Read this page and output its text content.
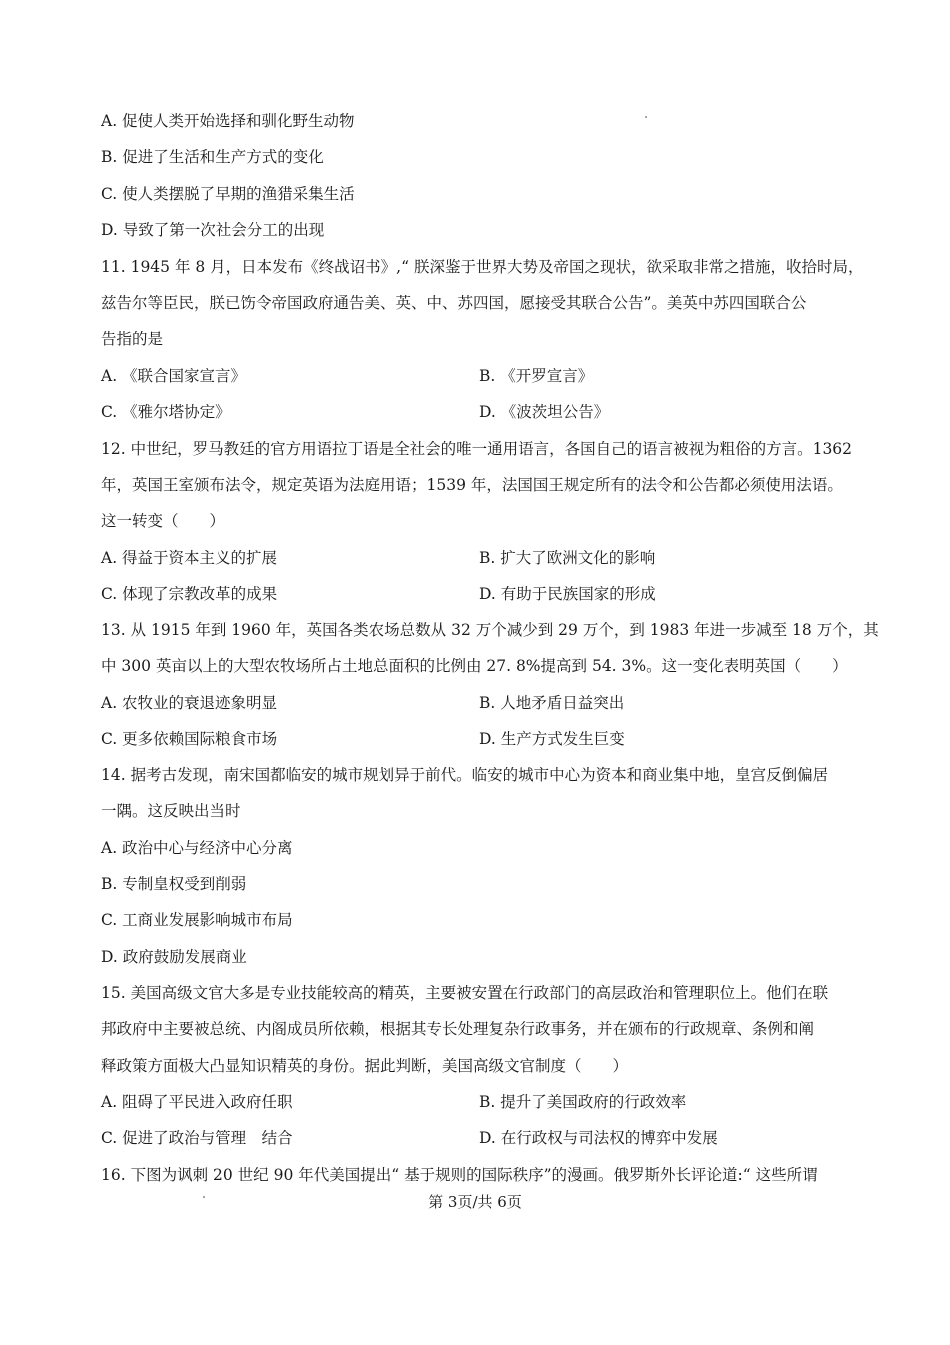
A. 促使人类开始选择和驯化野生动物
B. 促进了生活和生产方式的变化
C. 使人类摆脱了早期的渔猎采集生活
D. 导致了第一次社会分工的出现
11. 1945 年 8 月，日本发布《终战诏书》,“ 朕深鉴于世界大势及帝国之现状，欲采取非常之措施，收拾时局，
兹告尔等臣民，朕已饬令帝国政府通告美、英、中、苏四国，愿接受其联合公告”。美英中苏四国联合公
告指的是
A. 《联合国家宣言》	B. 《开罗宣言》
C. 《雅尔塔协定》	D. 《波茨坦公告》
12. 中世纪，罗马教廷的官方用语拉丁语是全社会的唯一通用语言，各国自己的语言被视为粗俗的方言。1362
年，英国王室颁布法令，规定英语为法庭用语；1539 年，法国国王规定所有的法令和公告都必须使用法语。
这一转变（　　）
A. 得益于资本主义的扩展	B. 扩大了欧洲文化的影响
C. 体现了宗教改革的成果	D. 有助于民族国家的形成
13. 从 1915 年到 1960 年，英国各类农场总数从 32 万个减少到 29 万个，到 1983 年进一步减至 18 万个，其
中 300 英亩以上的大型农牧场所占土地总面积的比例由 27. 8%提高到 54. 3%。这一变化表明英国（　　）
A. 农牧业的衰退迹象明显	B. 人地矛盾日益突出
C. 更多依赖国际粮食市场	D. 生产方式发生巨变
14. 据考古发现，南宋国都临安的城市规划异于前代。临安的城市中心为资本和商业集中地，皇宫反倒偏居
一隅。这反映出当时
A. 政治中心与经济中心分离
B. 专制皇权受到削弱
C. 工商业发展影响城市布局
D. 政府鼓励发展商业
15. 美国高级文官大多是专业技能较高的精英，主要被安置在行政部门的高层政治和管理职位上。他们在联
邦政府中主要被总统、内阁成员所依赖，根据其专长处理复杂行政事务，并在颁布的行政规章、条例和阐
释政策方面极大凸显知识精英的身份。据此判断，美国高级文官制度（　　）
A. 阻碍了平民进入政府任职	B. 提升了美国政府的行政效率
C. 促进了政治与管理　结合	D. 在行政权与司法权的博弈中发展
16. 下图为讽刺 20 世纪 90 年代美国提出“ 基于规则的国际秩序”的漫画。俄罗斯外长评论道:“ 这些所谓
第 3页/共 6页
